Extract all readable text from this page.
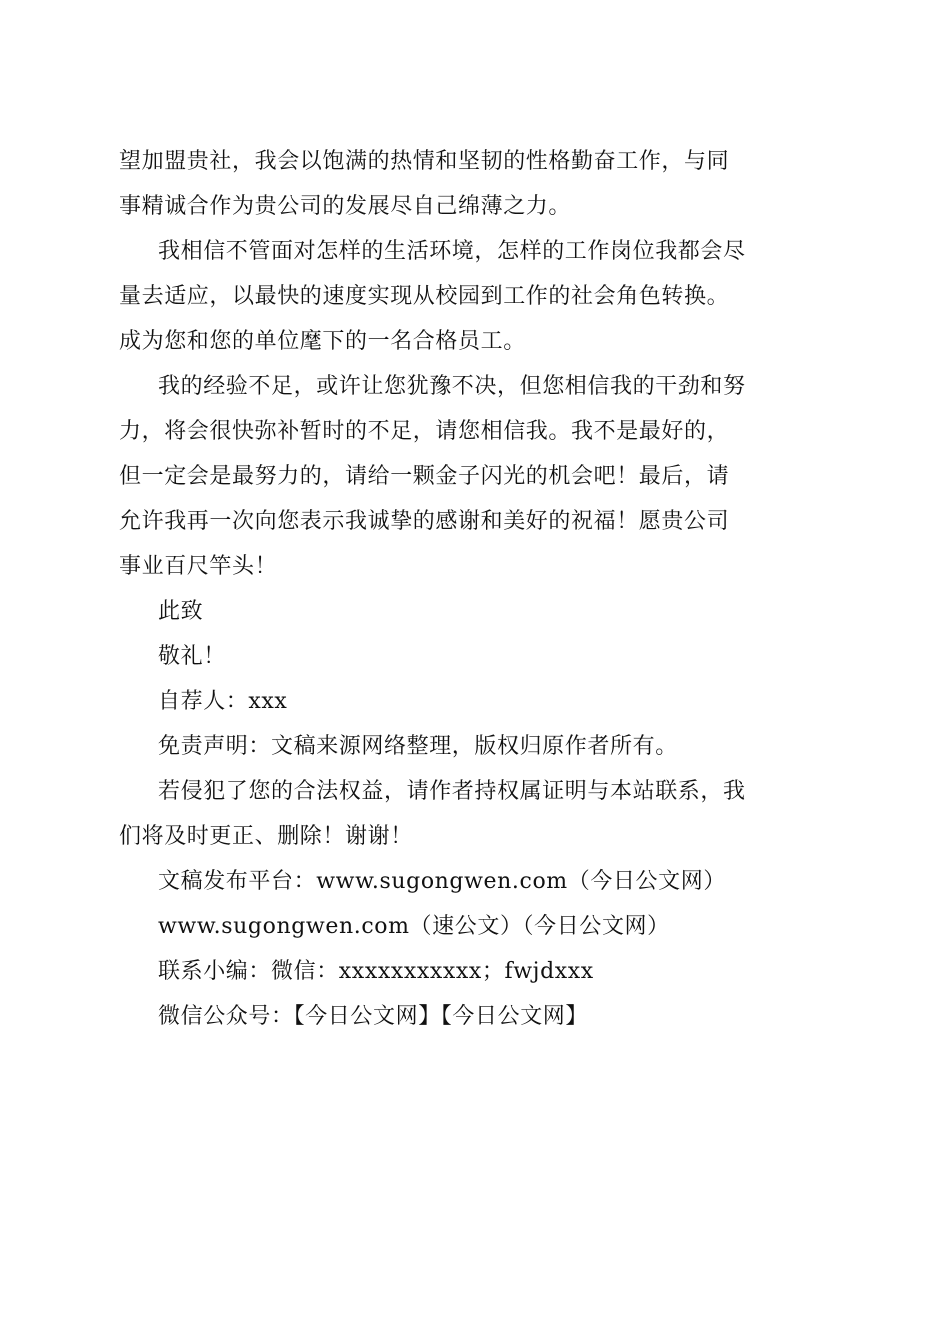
望加盟贵社，我会以饱满的热情和坚韧的性格勤奋工作，与同
事精诚合作为贵公司的发展尽自己绵薄之力。
我相信不管面对怎样的生活环境，怎样的工作岗位我都会尽
量去适应，以最快的速度实现从校园到工作的社会角色转换。
成为您和您的单位麾下的一名合格员工。
我的经验不足，或许让您犹豫不决，但您相信我的干劲和努
力，将会很快弥补暂时的不足，请您相信我。我不是最好的，
但一定会是最努力的，请给一颗金子闪光的机会吧！最后，请
允许我再一次向您表示我诚挚的感谢和美好的祝福！愿贵公司
事业百尺竿头！
此致
敬礼！
自荐人：xxx
免责声明：文稿来源网络整理，版权归原作者所有。
若侵犯了您的合法权益，请作者持权属证明与本站联系，我
们将及时更正、删除！谢谢！
文稿发布平台：www.sugongwen.com（今日公文网）
www.sugongwen.com（速公文）（今日公文网）
联系小编：微信：xxxxxxxxxxx；fwjdxxx
微信公众号：【今日公文网】【今日公文网】
